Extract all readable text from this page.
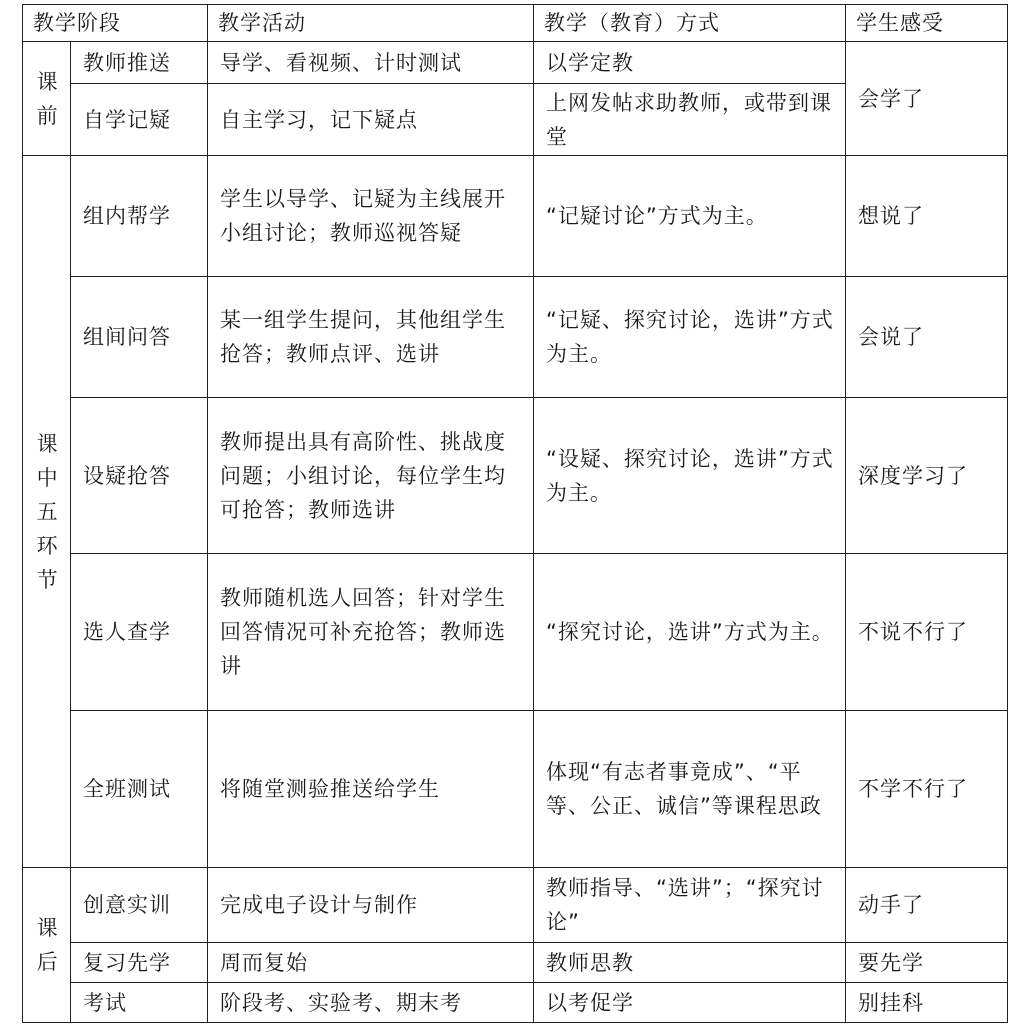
教学阶段		教学活动	教学（教育）方式	学生感受
课前	教师推送	导学、看视频、计时测试	以学定教	会学了
	自学记疑	自主学习，记下疑点	上网发帖求助教师，或带到课堂	
课中五环节	组内帮学	学生以导学、记疑为主线展开小组讨论；教师巡视答疑	“记疑讨论”方式为主。	想说了
	组间问答	某一组学生提问，其他组学生抢答；教师点评、选讲	“记疑、探究讨论，选讲”方式为主。	会说了
	设疑抢答	教师提出具有高阶性、挑战度问题；小组讨论，每位学生均可抢答；教师选讲	“设疑、探究讨论，选讲”方式为主。	深度学习了
	选人查学	教师随机选人回答；针对学生回答情况可补充抢答；教师选讲	“探究讨论，选讲”方式为主。	不说不行了
	全班测试	将随堂测验推送给学生	体现“有志者事竟成”、“平等、公正、诚信”等课程思政	不学不行了
课后	创意实训	完成电子设计与制作	教师指导、“选讲”；“探究讨论”	动手了
	复习先学	周而复始	教师思教	要先学
	考试	阶段考、实验考、期末考	以考促学	别挂科
